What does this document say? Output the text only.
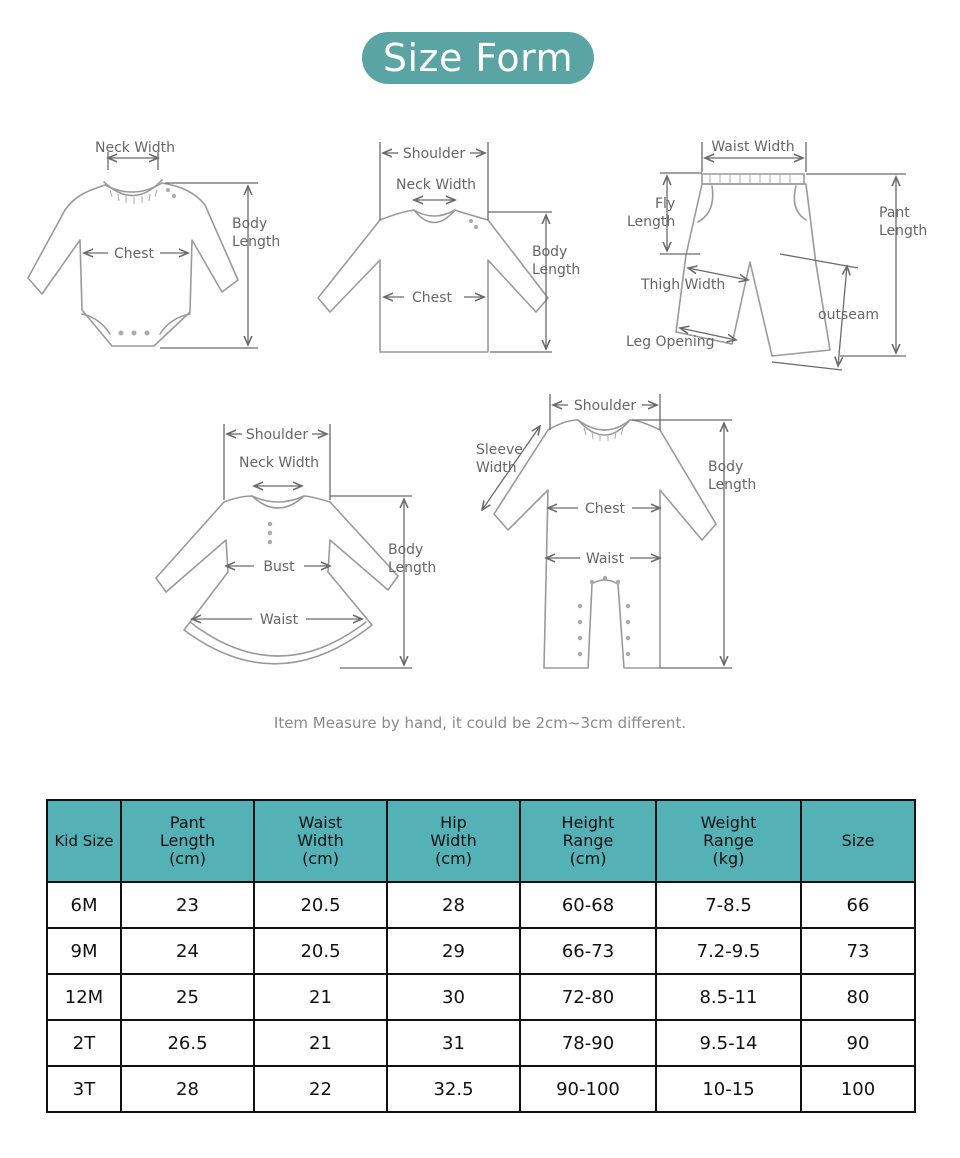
Size Form
Neck Width
Chest
Body
Length
Shoulder
Neck Width
Chest
Body
Length
Waist Width
Fly
Length
Thigh Width
Leg Opening
outseam
Pant
Length
Shoulder
Neck Width
Bust
Waist
Body
Length
Shoulder
Sleeve
Width
Chest
Waist
Body
Length
Item Measure by hand, it could be 2cm~3cm different.
Kid Size	Pant
Length
(cm)	Waist
Width
(cm)	Hip
Width
(cm)	Height
Range
(cm)	Weight
Range
(kg)	Size
6M	23	20.5	28	60-68	7-8.5	66
9M	24	20.5	29	66-73	7.2-9.5	73
12M	25	21	30	72-80	8.5-11	80
2T	26.5	21	31	78-90	9.5-14	90
3T	28	22	32.5	90-100	10-15	100
